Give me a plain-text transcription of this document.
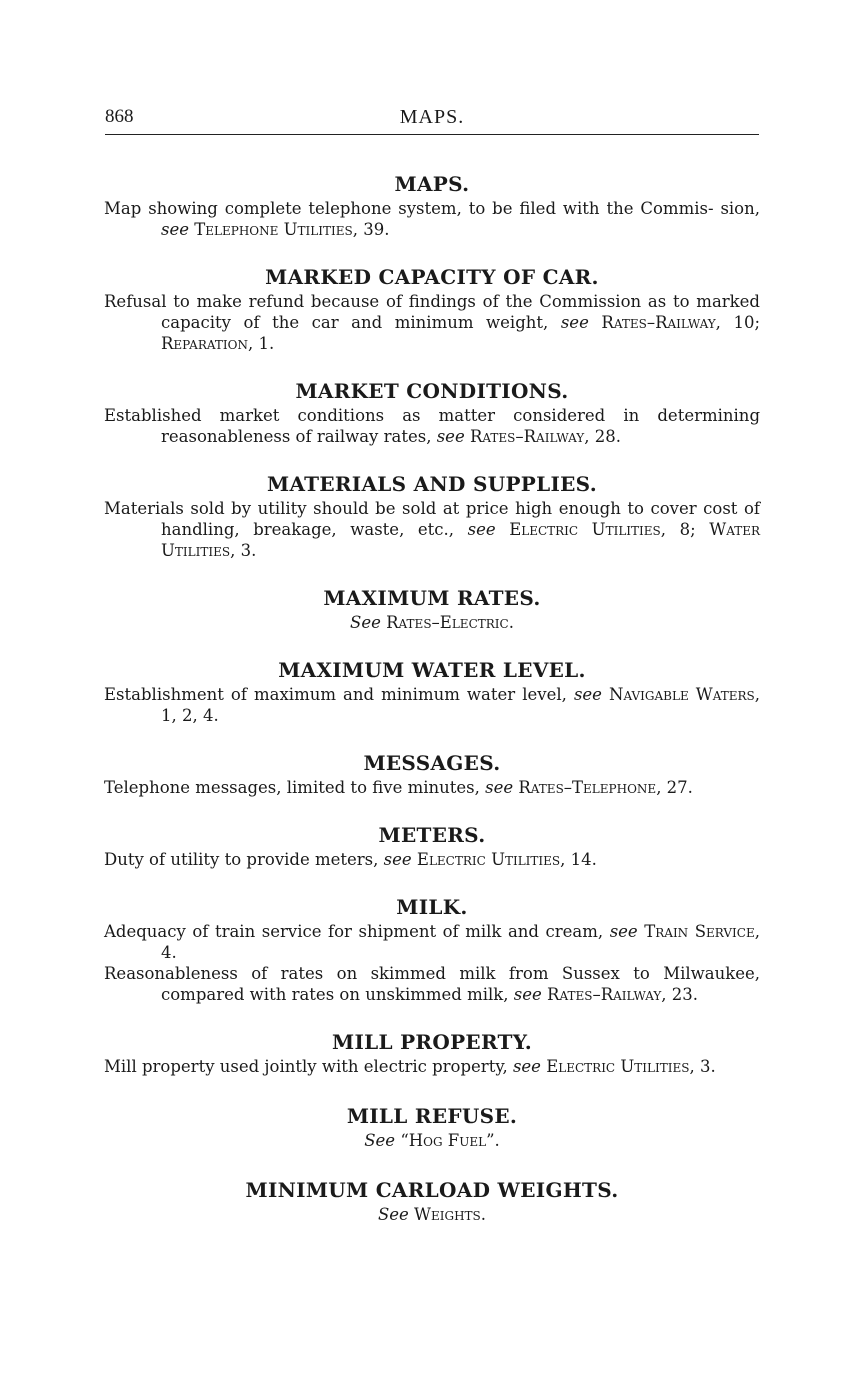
868	MAPS.
MAPS.

Map showing complete telephone system, to be filed with the Commis- sion, see Telephone Utilities, 39.

MARKED CAPACITY OF CAR.

Refusal to make refund because of findings of the Commission as to marked capacity of the car and minimum weight, see Rates–Railway, 10; Reparation, 1.

MARKET CONDITIONS.

Established market conditions as matter considered in determining reasonableness of railway rates, see Rates–Railway, 28.

MATERIALS AND SUPPLIES.

Materials sold by utility should be sold at price high enough to cover cost of handling, breakage, waste, etc., see Electric Utilities, 8; Water Utilities, 3.

MAXIMUM RATES.

See Rates–Electric.

MAXIMUM WATER LEVEL.

Establishment of maximum and minimum water level, see Navigable Waters, 1, 2, 4.

MESSAGES.

Telephone messages, limited to five minutes, see Rates–Telephone, 27.

METERS.

Duty of utility to provide meters, see Electric Utilities, 14.

MILK.

Adequacy of train service for shipment of milk and cream, see Train Service, 4.

Reasonableness of rates on skimmed milk from Sussex to Milwaukee, compared with rates on unskimmed milk, see Rates–Railway, 23.

MILL PROPERTY.

Mill property used jointly with electric property, see Electric Utilities, 3.

MILL REFUSE.

See “Hog Fuel”.

MINIMUM CARLOAD WEIGHTS.

See Weights.
